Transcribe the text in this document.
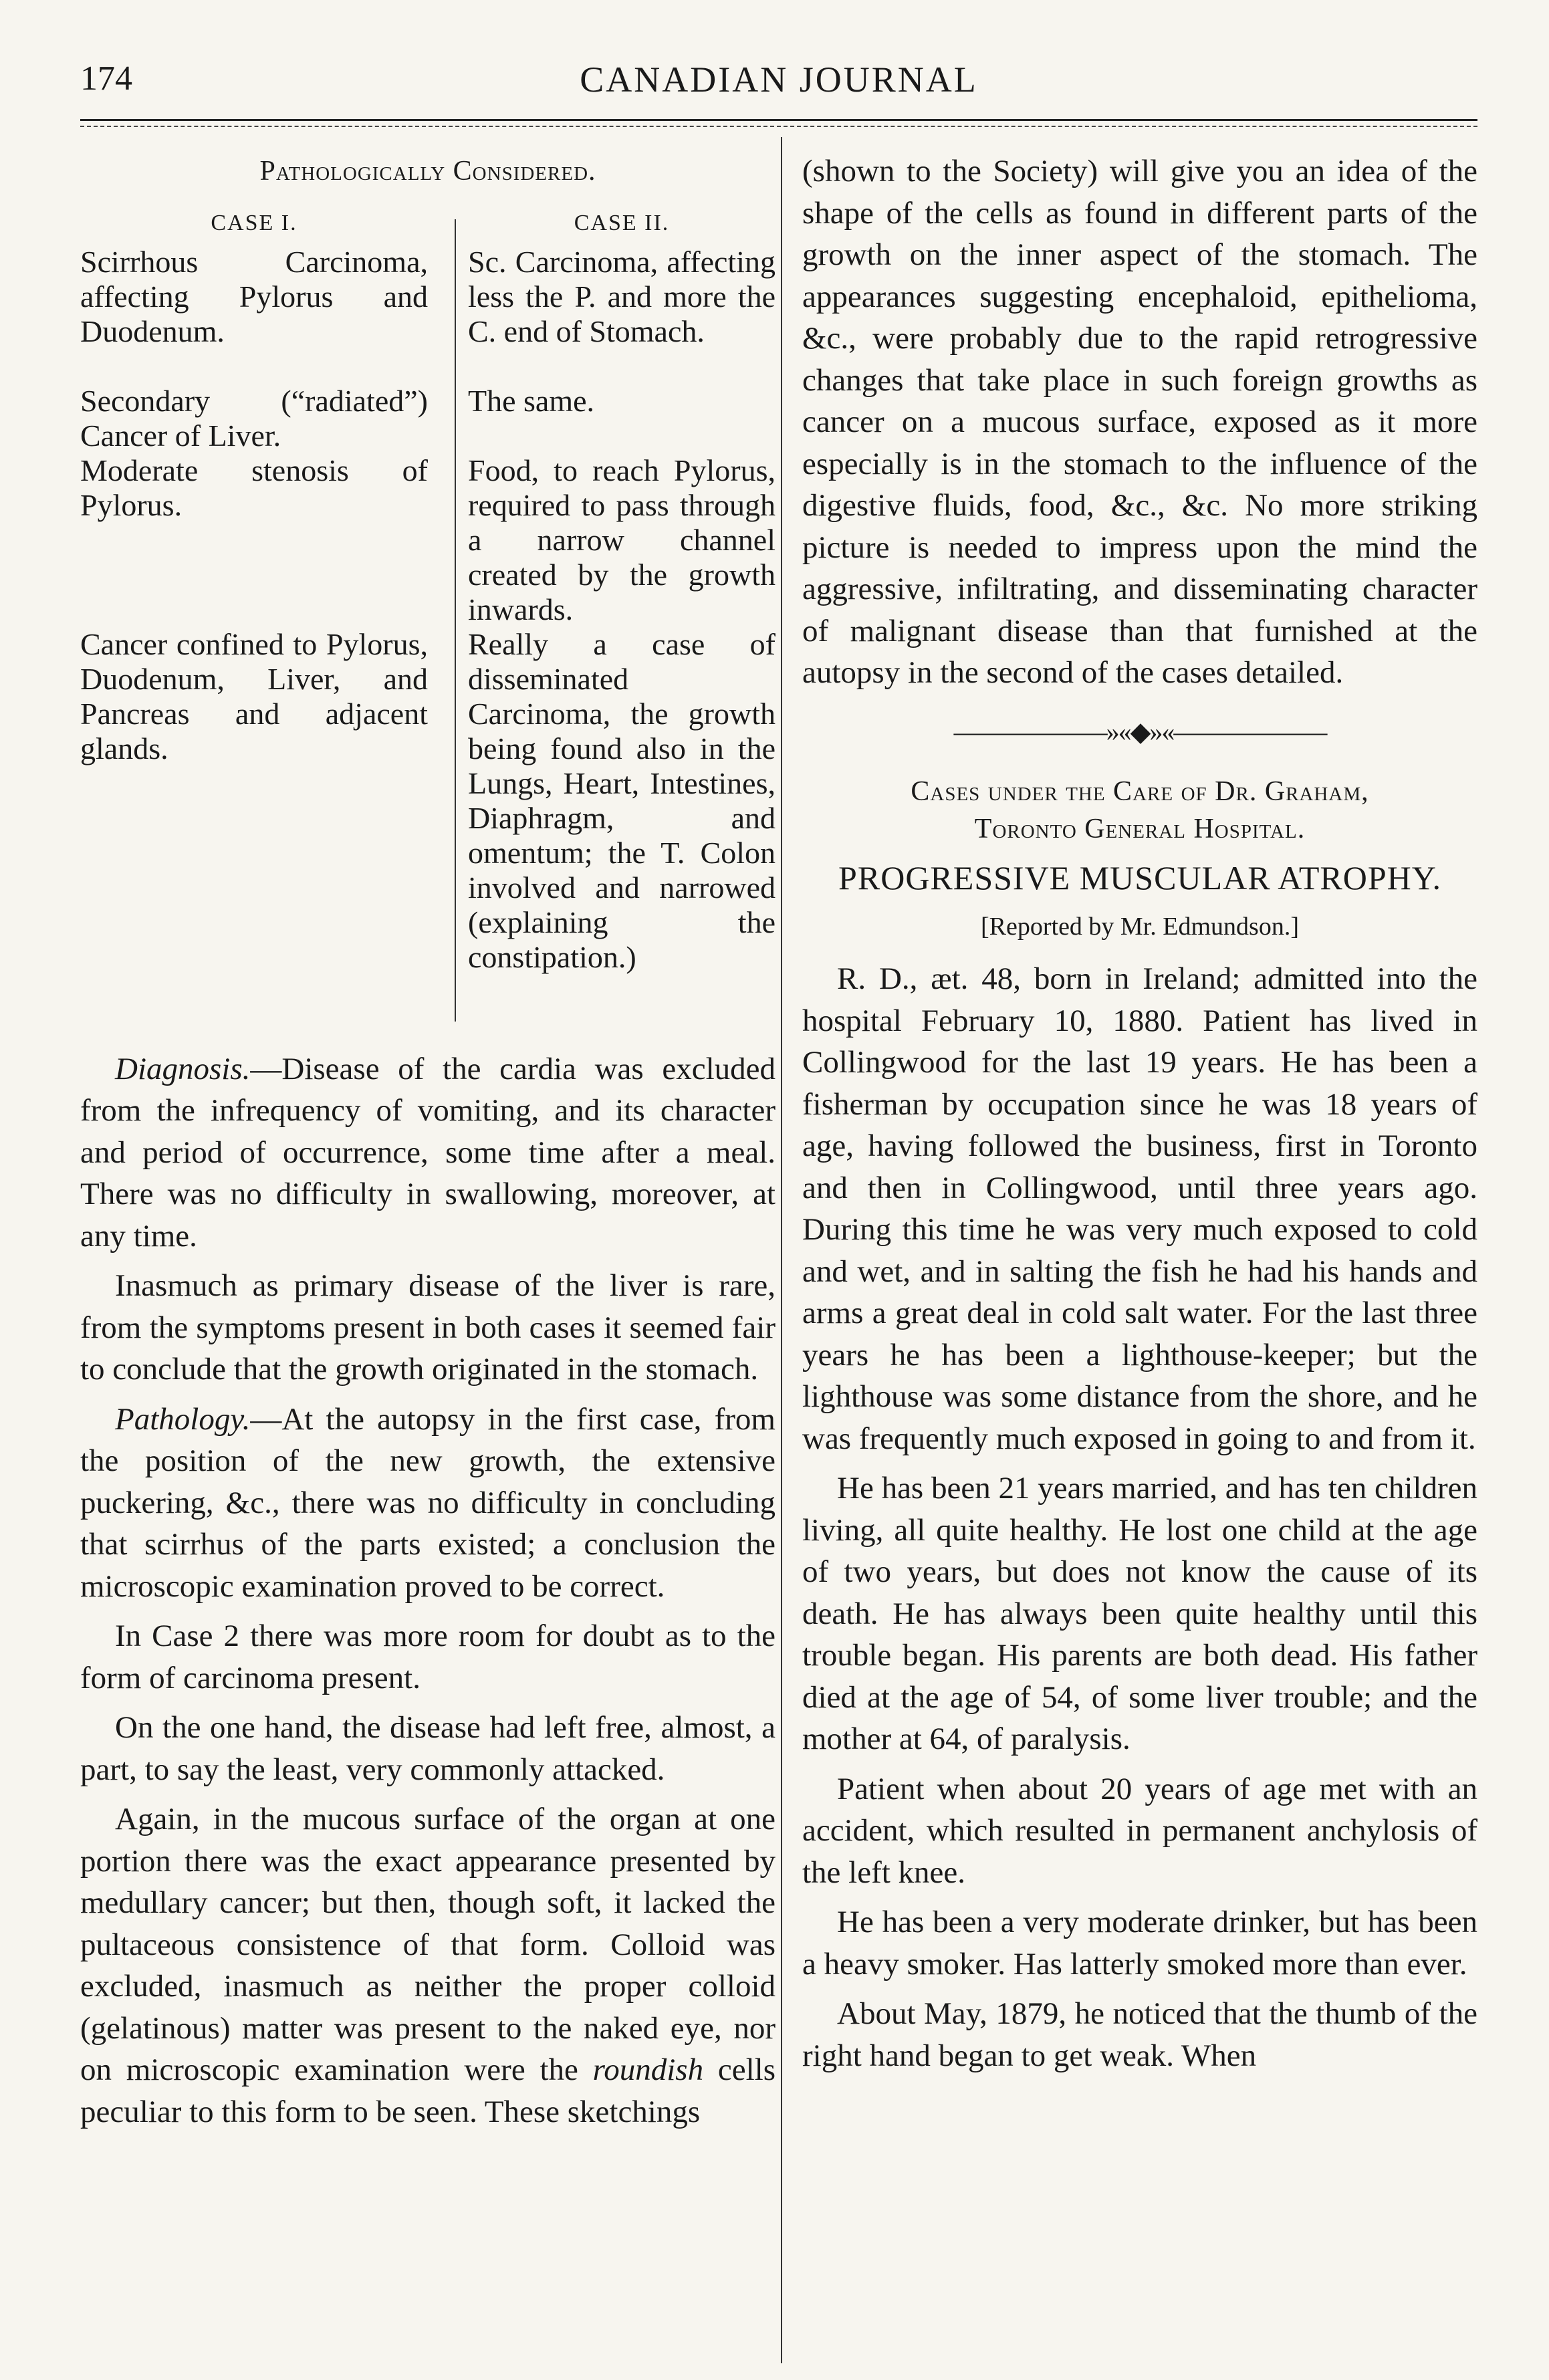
174	CANADIAN JOURNAL
Pathologically Considered.
CASE I.
Scirrhous Carcinoma, affecting Pylorus and Duodenum.
Secondary (“radiated”) Cancer of Liver.
Moderate stenosis of Pylorus.
Cancer confined to Pylorus, Duodenum, Liver, and Pancreas and adjacent glands.
CASE II.
Sc. Carcinoma, affecting less the P. and more the C. end of Stomach.
The same.
Food, to reach Pylorus, required to pass through a narrow channel created by the growth inwards.
Really a case of disseminated Carcinoma, the growth being found also in the Lungs, Heart, Intestines, Diaphragm, and omentum; the T. Colon involved and narrowed (explaining the constipation.)

Diagnosis.—Disease of the cardia was excluded from the infrequency of vomiting, and its character and period of occurrence, some time after a meal. There was no difficulty in swallowing, moreover, at any time.

Inasmuch as primary disease of the liver is rare, from the symptoms present in both cases it seemed fair to conclude that the growth originated in the stomach.

Pathology.—At the autopsy in the first case, from the position of the new growth, the extensive puckering, &c., there was no difficulty in concluding that scirrhus of the parts existed; a conclusion the microscopic examination proved to be correct.

In Case 2 there was more room for doubt as to the form of carcinoma present.

On the one hand, the disease had left free, almost, a part, to say the least, very commonly attacked.

Again, in the mucous surface of the organ at one portion there was the exact appearance presented by medullary cancer; but then, though soft, it lacked the pultaceous consistence of that form. Colloid was excluded, inasmuch as neither the proper colloid (gelatinous) matter was present to the naked eye, nor on microscopic examination were the roundish cells peculiar to this form to be seen. These sketchings

(shown to the Society) will give you an idea of the shape of the cells as found in different parts of the growth on the inner aspect of the stomach. The appearances suggesting encephaloid, epithelioma, &c., were probably due to the rapid retrogressive changes that take place in such foreign growths as cancer on a mucous surface, exposed as it more especially is in the stomach to the influence of the digestive fluids, food, &c., &c. No more striking picture is needed to impress upon the mind the aggressive, infiltrating, and disseminating character of malignant disease than that furnished at the autopsy in the second of the cases detailed.

——————»«◆»«——————
Cases under the Care of Dr. Graham,
Toronto General Hospital.
PROGRESSIVE MUSCULAR ATROPHY.
[Reported by Mr. Edmundson.]

R. D., æt. 48, born in Ireland; admitted into the hospital February 10, 1880. Patient has lived in Collingwood for the last 19 years. He has been a fisherman by occupation since he was 18 years of age, having followed the business, first in Toronto and then in Collingwood, until three years ago. During this time he was very much exposed to cold and wet, and in salting the fish he had his hands and arms a great deal in cold salt water. For the last three years he has been a lighthouse-keeper; but the lighthouse was some distance from the shore, and he was frequently much exposed in going to and from it.

He has been 21 years married, and has ten children living, all quite healthy. He lost one child at the age of two years, but does not know the cause of its death. He has always been quite healthy until this trouble began. His parents are both dead. His father died at the age of 54, of some liver trouble; and the mother at 64, of paralysis.

Patient when about 20 years of age met with an accident, which resulted in permanent anchylosis of the left knee.

He has been a very moderate drinker, but has been a heavy smoker. Has latterly smoked more than ever.

About May, 1879, he noticed that the thumb of the right hand began to get weak. When
